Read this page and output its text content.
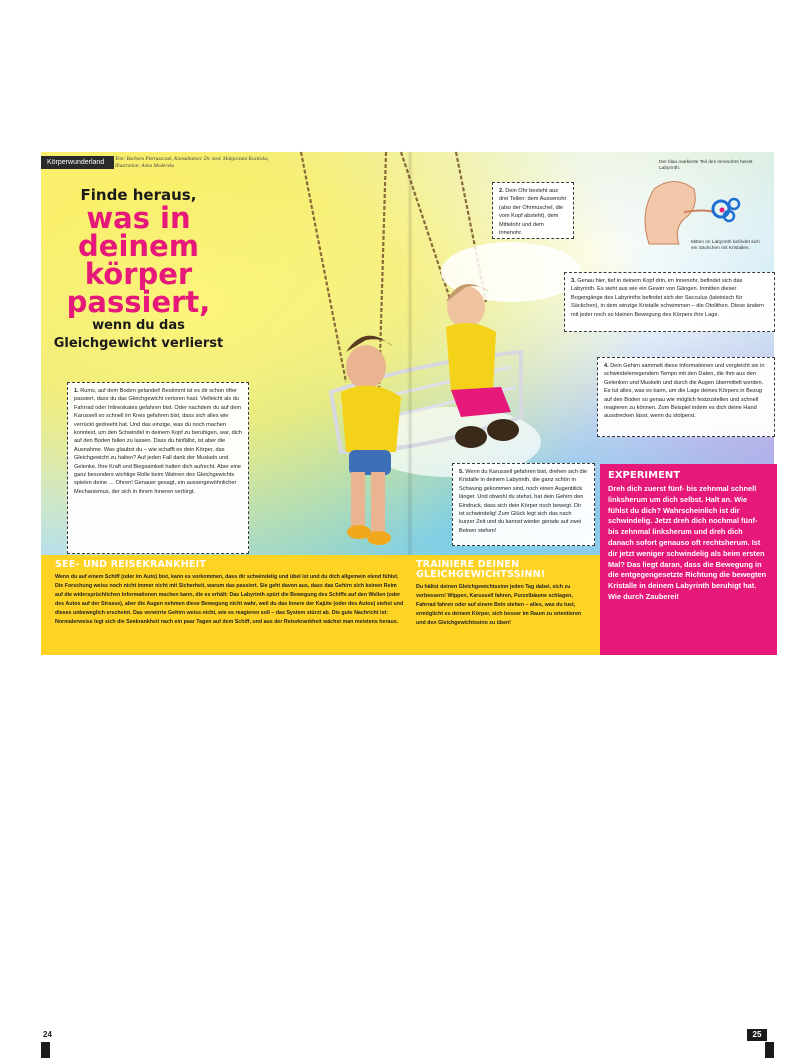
Körperwunderland	Text: Barbara Pietruszczak, Konsultation: Dr. med. Małgorzata Kozińska,
Illustration: Anna Moderska
Finde heraus,
was in
deinem
körper
passiert,
wenn du das
Gleichgewicht verlierst
1. Rums, auf dem Boden gelandet! Bestimmt ist es dir schon öfter passiert, dass du das Gleichgewicht verloren hast. Vielleicht als du Fahrrad oder Inlineskates gefahren bist. Oder nachdem du auf dem Karussell so schnell im Kreis gefahren bist, dass sich alles wie verrückt gedreeht hat. Und das einzige, was du noch machen konntest, um den Schwindel in deinem Kopf zu beruhigen, war, dich auf den Boden fallen zu lassen. Dass du hinfällst, ist aber die Ausnahme. Was glaubst du – wie schafft es dein Körper, das Gleichgewicht zu halten? Auf jeden Fall dank der Muskeln und Gelenke. Ihre Kraft und Biegsamkeit halten dich aufrecht. Aber eine ganz besonders wichtige Rolle beim Wahren des Gleichgewichts spielen deine … Ohren! Genauer gesagt, ein aussergewöhnlicher Mechanismus, der sich in ihrem Inneren verbirgt.
Der blau markierte Teil des Innenohrs heisst Labyrinth.
Mitten im Labyrinth befindet sich ein Säckchen mit Kristallen.
2. Dein Ohr besteht aus drei Teilen: dem Aussenohr (also der Ohrmuschel, die vom Kopf absteht), dem Mittelohr und dem Innenohr.
3. Genau hier, tief in deinem Kopf drin, im Innenohr, befindet sich das Labyrinth. Es sieht aus wie ein Gewirr von Gängen. Inmitten dieser Bogengänge des Labyrinths befindet sich der Sacculus (lateinisch für Säckchen), in dem winzige Kristalle schwimmen – die Otolithen. Diese ändern mit jeder noch so kleinen Bewegung des Körpers ihre Lage.
4. Dein Gehirn sammelt diese Informationen und vergleicht sie in schwindelerregendem Tempo mit den Daten, die ihm aus den Gelenken und Muskeln und durch die Augen übermittelt werden. Es tut alles, was es kann, um die Lage deines Körpers in Bezug auf den Boden so genau wie möglich festzustellen und schnell reagieren zu können. Zum Beispiel indem es dich deine Hand ausstrecken lässt, wenn du stolperst.
5. Wenn du Karussell gefahren bist, drehen sich die Kristalle in deinem Labyrinth, die ganz schön in Schwung gekommen sind, noch einen Augenblick länger. Und obwohl du stehst, hat dein Gehirn den Eindruck, dass sich dein Körper noch bewegt. Dir ist schwindelig! Zum Glück legt sich das nach kurzer Zeit und du kannst wieder gerade auf zwei Beinen stehen!
SEE- UND REISEKRANKHEIT
Wenn du auf einem Schiff (oder im Auto) bist, kann es vorkommen, dass dir schwindelig und übel ist und du dich allgemein elend fühlst. Die Forschung weiss noch nicht immer nicht mit Sicherheit, warum das passiert. Sie geht davon aus, dass das Gehirn sich keinen Reim auf die widersprüchlichen Informationen machen kann, die es erhält: Das Labyrinth spürt die Bewegung des Schiffs auf den Wellen (oder des Autos auf der Strasse), aber die Augen nehmen diese Bewegung nicht wahr, weil du das Innere der Kajüte (oder des Autos) siehst und dieses unbeweglich erscheint. Das verwirrte Gehirn weiss nicht, wie es reagieren soll – das System stürzt ab. Die gute Nachricht ist: Normalerweise legt sich die Seekrankheit nach ein paar Tagen auf dem Schiff, und aus der Reisekrankheit wächst man meistens heraus.
TRAINIERE DEINEN GLEICHGEWICHTSSINN!
Du hältst deinen Gleichgewichtssinn jeden Tag dabei, sich zu verbessern! Wippen, Karussell fahren, Purzelbäume schlagen, Fahrrad fahren oder auf einem Bein stehen – alles, was du tust, ermöglicht es deinem Körper, sich besser im Raum zu orientieren und den Gleichgewichtssinn zu üben!
24	25
EXPERIMENT
Dreh dich zuerst fünf- bis zehnmal schnell linksherum um dich selbst. Halt an. Wie fühlst du dich? Wahrscheinlich ist dir schwindelig. Jetzt dreh dich nochmal fünf- bis zehnmal linksherum und dreh dich danach sofort genauso oft rechtsherum. Ist dir jetzt weniger schwindelig als beim ersten Mal? Das liegt daran, dass die Bewegung in die entgegengesetzte Richtung die bewegten Kristalle in deinem Labyrinth beruhigt hat. Wie durch Zauberei!
